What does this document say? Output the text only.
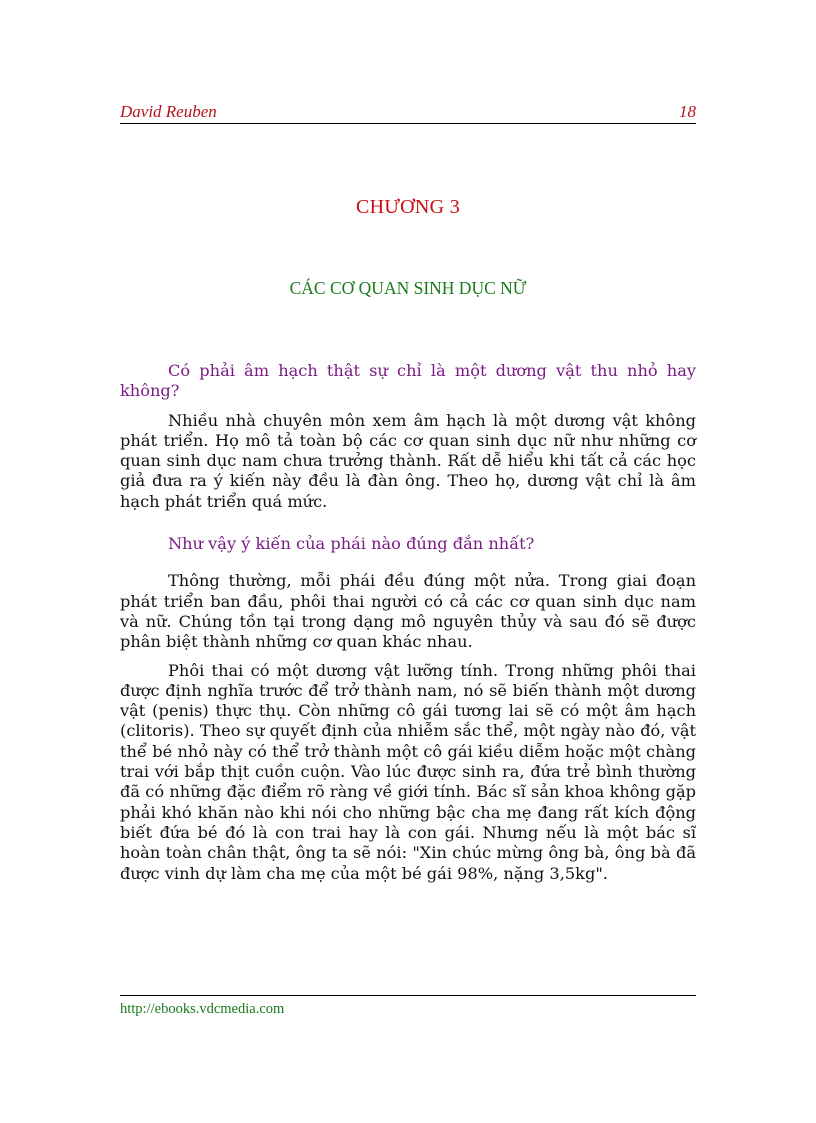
David Reuben	18
CHƯƠNG 3
CÁC CƠ QUAN SINH DỤC NỮ

Có phải âm hạch thật sự chỉ là một dương vật thu nhỏ hay không?

Nhiều nhà chuyên môn xem âm hạch là một dương vật không phát triển. Họ mô tả toàn bộ các cơ quan sinh dục nữ như những cơ quan sinh dục nam chưa trưởng thành. Rất dễ hiểu khi tất cả các học giả đưa ra ý kiến này đều là đàn ông. Theo họ, dương vật chỉ là âm hạch phát triển quá mức.

Như vậy ý kiến của phái nào đúng đắn nhất?

Thông thường, mỗi phái đều đúng một nửa. Trong giai đoạn phát triển ban đầu, phôi thai người có cả các cơ quan sinh dục nam và nữ. Chúng tồn tại trong dạng mô nguyên thủy và sau đó sẽ được phân biệt thành những cơ quan khác nhau.

Phôi thai có một dương vật lưỡng tính. Trong những phôi thai được định nghĩa trước để trở thành nam, nó sẽ biến thành một dương vật (penis) thực thụ. Còn những cô gái tương lai sẽ có một âm hạch (clitoris). Theo sự quyết định của nhiễm sắc thể, một ngày nào đó, vật thể bé nhỏ này có thể trở thành một cô gái kiều diễm hoặc một chàng trai với bắp thịt cuồn cuộn. Vào lúc được sinh ra, đứa trẻ bình thường đã có những đặc điểm rõ ràng về giới tính. Bác sĩ sản khoa không gặp phải khó khăn nào khi nói cho những bậc cha mẹ đang rất kích động biết đứa bé đó là con trai hay là con gái. Nhưng nếu là một bác sĩ hoàn toàn chân thật, ông ta sẽ nói: "Xin chúc mừng ông bà, ông bà đã được vinh dự làm cha mẹ của một bé gái 98%, nặng 3,5kg".

http://ebooks.vdcmedia.com
